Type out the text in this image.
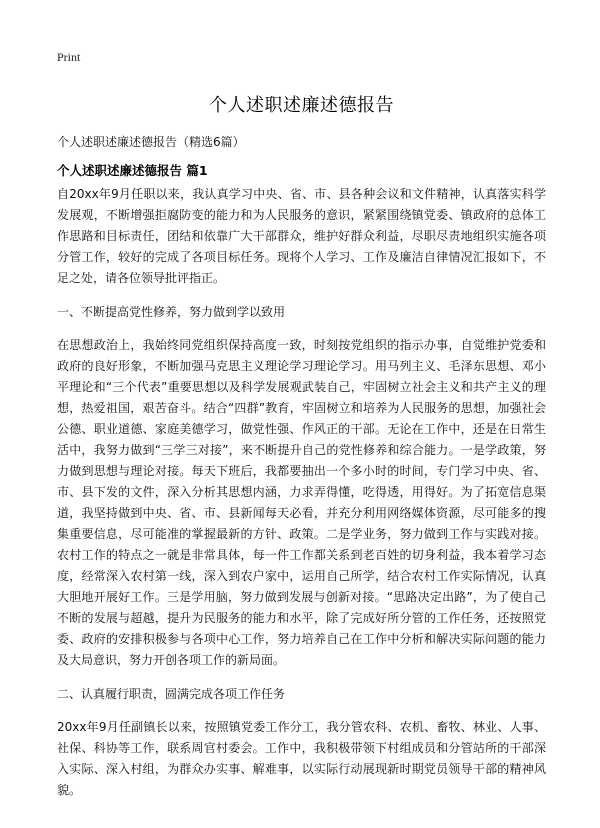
Print
个人述职述廉述德报告
个人述职述廉述德报告（精选6篇）
个人述职述廉述德报告 篇1

自20xx年9月任职以来，我认真学习中央、省、市、县各种会议和文件精神，认真落实科学发展观，不断增强拒腐防变的能力和为人民服务的意识，紧紧围绕镇党委、镇政府的总体工作思路和目标责任，团结和依靠广大干部群众，维护好群众利益，尽职尽责地组织实施各项分管工作，较好的完成了各项目标任务。现将个人学习、工作及廉洁自律情况汇报如下，不足之处，请各位领导批评指正。

一、不断提高党性修养，努力做到学以致用

在思想政治上，我始终同党组织保持高度一致，时刻按党组织的指示办事，自觉维护党委和政府的良好形象，不断加强马克思主义理论学习理论学习。用马列主义、毛泽东思想、邓小平理论和“三个代表”重要思想以及科学发展观武装自己，牢固树立社会主义和共产主义的理想，热爱祖国，艰苦奋斗。结合“四群”教育，牢固树立和培养为人民服务的思想，加强社会公德、职业道德、家庭美德学习，做党性强、作风正的干部。无论在工作中，还是在日常生活中，我努力做到“三学三对接”，来不断提升自己的党性修养和综合能力。一是学政策，努力做到思想与理论对接。每天下班后，我都要抽出一个多小时的时间，专门学习中央、省、市、县下发的文件，深入分析其思想内涵，力求弄得懂，吃得透，用得好。为了拓宽信息渠道，我坚持做到中央、省、市、县新闻每天必看，并充分利用网络媒体资源，尽可能多的搜集重要信息，尽可能准的掌握最新的方针、政策。二是学业务，努力做到工作与实践对接。农村工作的特点之一就是非常具体，每一件工作都关系到老百姓的切身利益，我本着学习态度，经常深入农村第一线，深入到农户家中，运用自己所学，结合农村工作实际情况，认真大胆地开展好工作。三是学用脑，努力做到发展与创新对接。“思路决定出路”，为了使自己不断的发展与超越，提升为民服务的能力和水平，除了完成好所分管的工作任务，还按照党委、政府的安排积极参与各项中心工作，努力培养自己在工作中分析和解决实际问题的能力及大局意识，努力开创各项工作的新局面。

二、认真履行职责，圆满完成各项工作任务

20xx年9月任副镇长以来，按照镇党委工作分工，我分管农科、农机、畜牧、林业、人事、社保、科协等工作，联系周官村委会。工作中，我积极带领下村组成员和分管站所的干部深入实际、深入村组，为群众办实事、解难事，以实际行动展现新时期党员领导干部的精神风貌。
